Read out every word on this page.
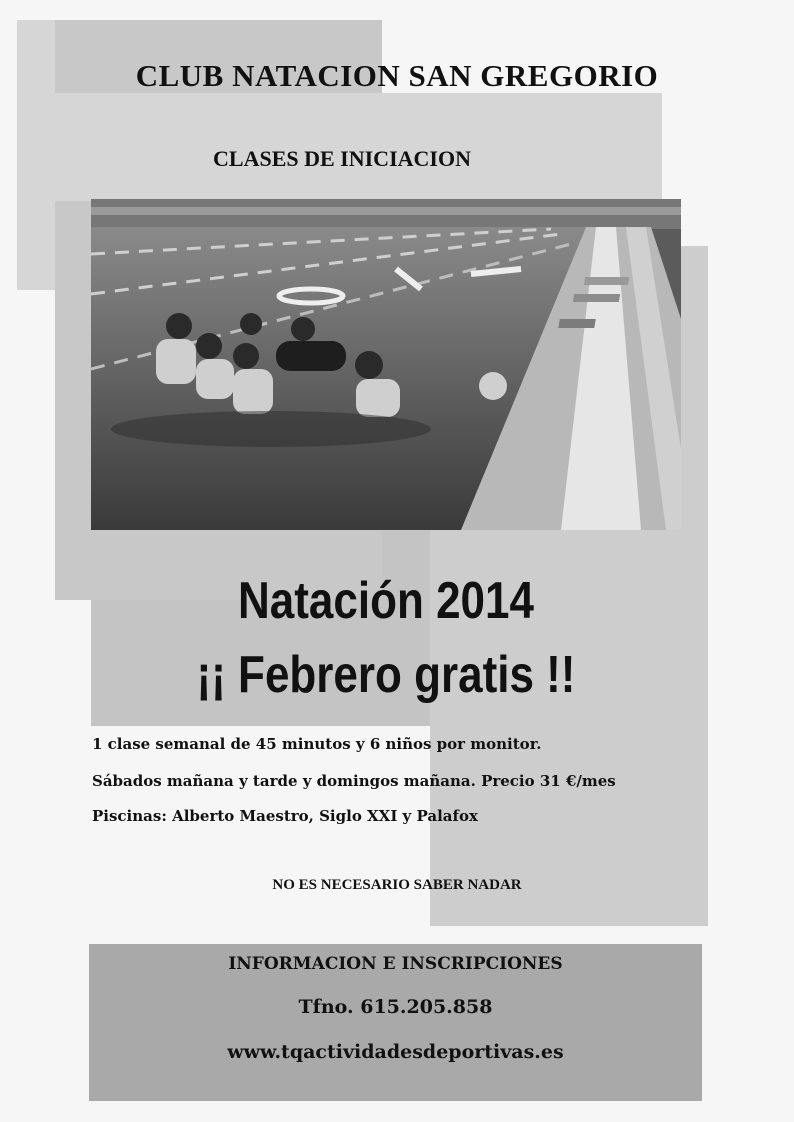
CLUB NATACION SAN GREGORIO
CLASES DE INICIACION
Natación 2014
¡¡ Febrero gratis !!
1 clase semanal de 45 minutos y 6 niños por monitor.
Sábados mañana y tarde y domingos mañana. Precio 31 €/mes
Piscinas: Alberto Maestro, Siglo XXI y Palafox
NO ES NECESARIO SABER NADAR
INFORMACION E INSCRIPCIONES
Tfno. 615.205.858
www.tqactividadesdeportivas.es
